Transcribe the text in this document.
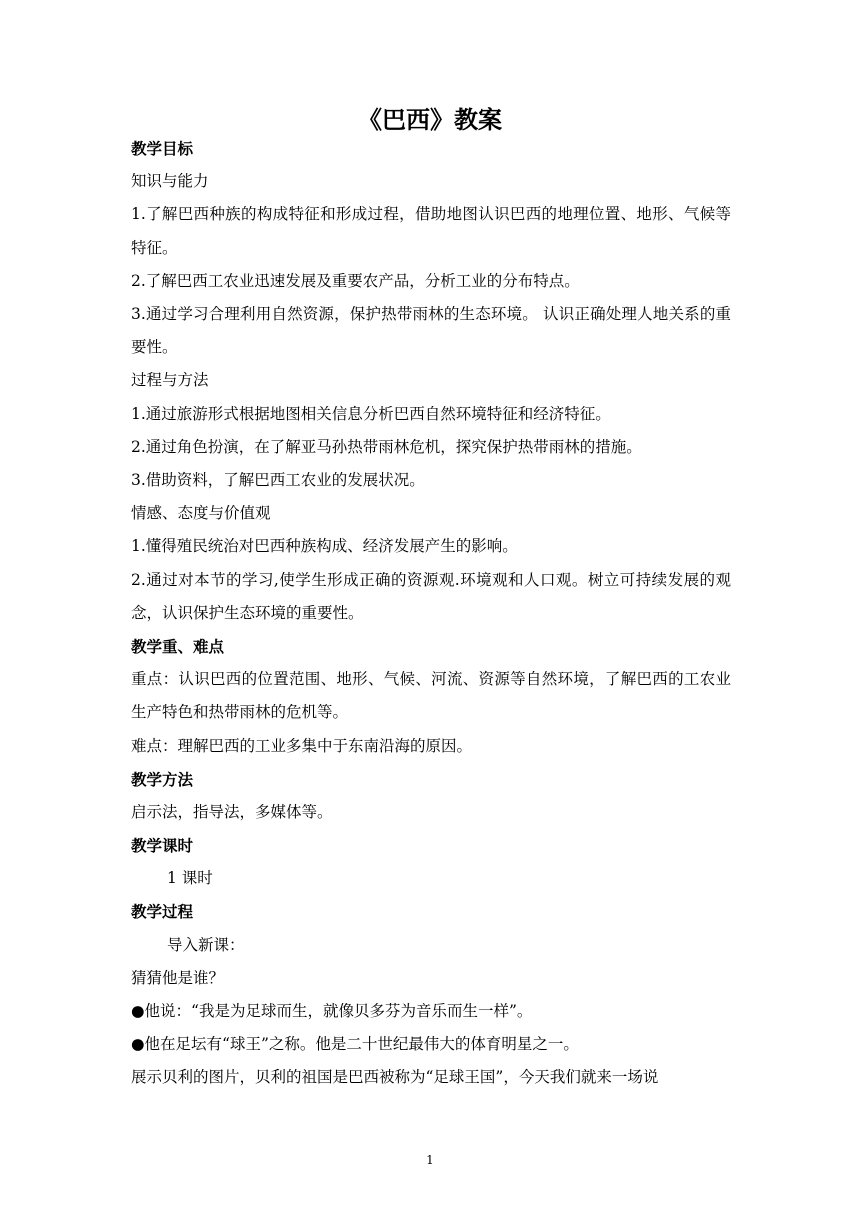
《巴西》教案

教学目标

知识与能力

1.了解巴西种族的构成特征和形成过程，借助地图认识巴西的地理位置、地形、气候等特征。

2.了解巴西工农业迅速发展及重要农产品，分析工业的分布特点。

3.通过学习合理利用自然资源，保护热带雨林的生态环境。 认识正确处理人地关系的重要性。

过程与方法

1.通过旅游形式根据地图相关信息分析巴西自然环境特征和经济特征。

2.通过角色扮演，在了解亚马孙热带雨林危机，探究保护热带雨林的措施。

3.借助资料，了解巴西工农业的发展状况。

情感、态度与价值观

1.懂得殖民统治对巴西种族构成、经济发展产生的影响。

2.通过对本节的学习,使学生形成正确的资源观.环境观和人口观。树立可持续发展的观念，认识保护生态环境的重要性。

教学重、难点

重点：认识巴西的位置范围、地形、气候、河流、资源等自然环境，了解巴西的工农业生产特色和热带雨林的危机等。

难点：理解巴西的工业多集中于东南沿海的原因。

教学方法

启示法，指导法，多媒体等。

教学课时

1 课时

教学过程

导入新课：

猜猜他是谁？

●他说：“我是为足球而生，就像贝多芬为音乐而生一样”。

●他在足坛有“球王”之称。他是二十世纪最伟大的体育明星之一。

展示贝利的图片，贝利的祖国是巴西被称为“足球王国”，今天我们就来一场说

1
